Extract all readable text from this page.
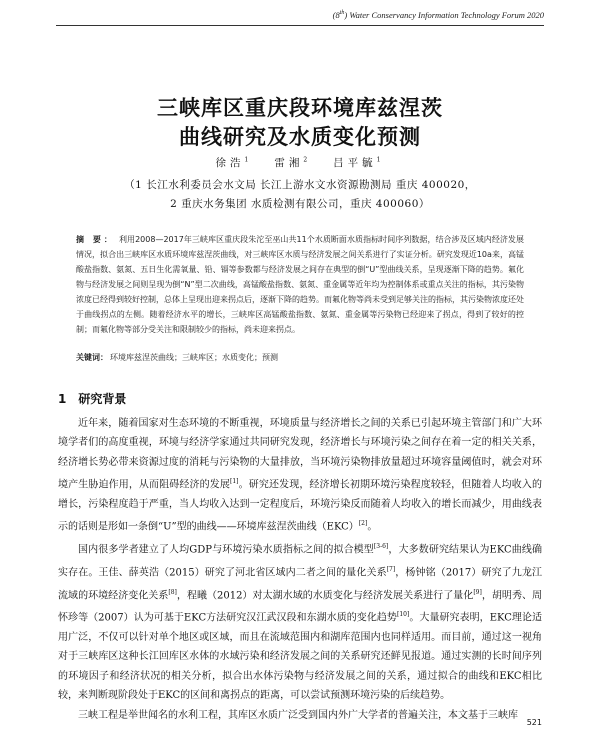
(8th) Water Conservancy Information Technology Forum 2020
三峡库区重庆段环境库兹涅茨
曲线研究及水质变化预测
徐浩$^1$ 雷湘$^2$ 吕平毓$^1$
（1 长江水利委员会水文局 长江上游水文水资源勘测局 重庆 400020，
2 重庆水务集团 水质检测有限公司，重庆 400060）
摘 要： 利用2008—2017年三峡库区重庆段朱沱至巫山共11个水质断面水质指标时间序列数据，结合涉及区域内经济发展情况，拟合出三峡库区水质环境库兹涅茨曲线，对三峡库区水质与经济发展之间关系进行了实证分析。研究发现近10a来，高锰酸盐指数、氨氮、五日生化需氧量、铅、镉等参数都与经济发展之间存在典型的倒“U”型曲线关系，呈现逐渐下降的趋势。氟化物与经济发展之间则呈现为倒“N”型二次曲线，高锰酸盐指数、氨氮、重金属等近年均为控制体系或重点关注的指标，其污染物浓度已经得到较好控制，总体上呈现出迎来拐点后，逐渐下降的趋势。而氟化物等尚未受到足够关注的指标，其污染物浓度还处于曲线拐点的左侧。随着经济水平的增长，三峡库区高锰酸盐指数、氨氮、重金属等污染物已经迎来了拐点，得到了较好的控制；而氟化物等部分受关注和限制较少的指标，尚未迎来拐点。
关键词： 环境库兹涅茨曲线；三峡库区；水质变化；预测
1 研究背景

近年来，随着国家对生态环境的不断重视，环境质量与经济增长之间的关系已引起环境主管部门和广大环境学者们的高度重视，环境与经济学家通过共同研究发现，经济增长与环境污染之间存在着一定的相关关系，经济增长势必带来资源过度的消耗与污染物的大量排放，当环境污染物排放量超过环境容量阈值时，就会对环境产生胁迫作用，从而阻碍经济的发展[1]。研究还发现，经济增长初期环境污染程度较轻，但随着人均收入的增长，污染程度趋于严重，当人均收入达到一定程度后，环境污染反而随着人均收入的增长而减少，用曲线表示的话则是形如一条倒“U”型的曲线——环境库兹涅茨曲线（EKC）[2]。

国内很多学者建立了人均GDP与环境污染水质指标之间的拟合模型[3-6]，大多数研究结果认为EKC曲线确实存在。王佳、薛英浩（2015）研究了河北省区域内二者之间的量化关系[7]，杨钟铭（2017）研究了九龙江流域的环境经济变化关系[8]，程曦（2012）对太湖水域的水质变化与经济发展关系进行了量化[9]，胡明秀、周怀珍等（2007）认为可基于EKC方法研究汉江武汉段和东湖水质的变化趋势[10]。大量研究表明，EKC理论适用广泛，不仅可以针对单个地区或区域，而且在流域范围内和湖库范围内也同样适用。而目前，通过这一视角对于三峡库区这种长江回库区水体的水域污染和经济发展之间的关系研究还鲜见报道。通过实测的长时间序列的环境因子和经济状况的相关分析，拟合出水体污染物与经济发展之间的关系，通过拟合的曲线和EKC相比较，来判断现阶段处于EKC的区间和离拐点的距离，可以尝试预测环境污染的后续趋势。

三峡工程是举世闻名的水利工程，其库区水质广泛受到国内外广大学者的普遍关注，本文基于三峡库

521
